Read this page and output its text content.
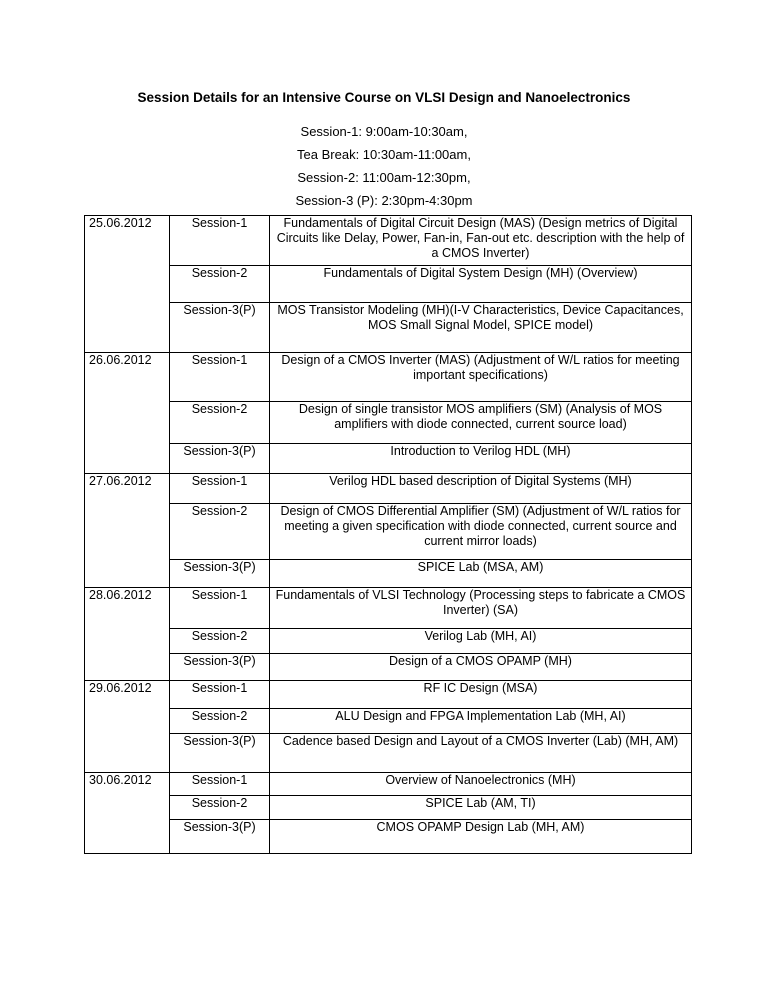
Session Details for an Intensive Course on VLSI Design and Nanoelectronics
Session-1: 9:00am-10:30am,
Tea Break: 10:30am-11:00am,
Session-2: 11:00am-12:30pm,
Session-3 (P): 2:30pm-4:30pm
25.06.2012	Session-1	Fundamentals of Digital Circuit Design (MAS) (Design metrics of Digital Circuits like Delay, Power, Fan-in, Fan-out etc. description with the help of a CMOS Inverter)
	Session-2	Fundamentals of Digital System Design (MH) (Overview)
	Session-3(P)	MOS Transistor Modeling (MH)(I-V Characteristics, Device Capacitances, MOS Small Signal Model, SPICE model)
26.06.2012	Session-1	Design of a CMOS Inverter (MAS) (Adjustment of W/L ratios for meeting important specifications)
	Session-2	Design of single transistor MOS amplifiers (SM) (Analysis of MOS amplifiers with diode connected, current source load)
	Session-3(P)	Introduction to Verilog HDL (MH)
27.06.2012	Session-1	Verilog HDL based description of Digital Systems (MH)
	Session-2	Design of CMOS Differential Amplifier (SM) (Adjustment of W/L ratios for meeting a given specification with diode connected, current source and current mirror loads)
	Session-3(P)	SPICE Lab (MSA, AM)
28.06.2012	Session-1	Fundamentals of VLSI Technology (Processing steps to fabricate a CMOS Inverter) (SA)
	Session-2	Verilog Lab (MH, AI)
	Session-3(P)	Design of a CMOS OPAMP (MH)
29.06.2012	Session-1	RF IC Design (MSA)
	Session-2	ALU Design and FPGA Implementation Lab (MH, AI)
	Session-3(P)	Cadence based Design and Layout of a CMOS Inverter (Lab) (MH, AM)
30.06.2012	Session-1	Overview of Nanoelectronics (MH)
	Session-2	SPICE Lab (AM, TI)
	Session-3(P)	CMOS OPAMP Design Lab (MH, AM)
